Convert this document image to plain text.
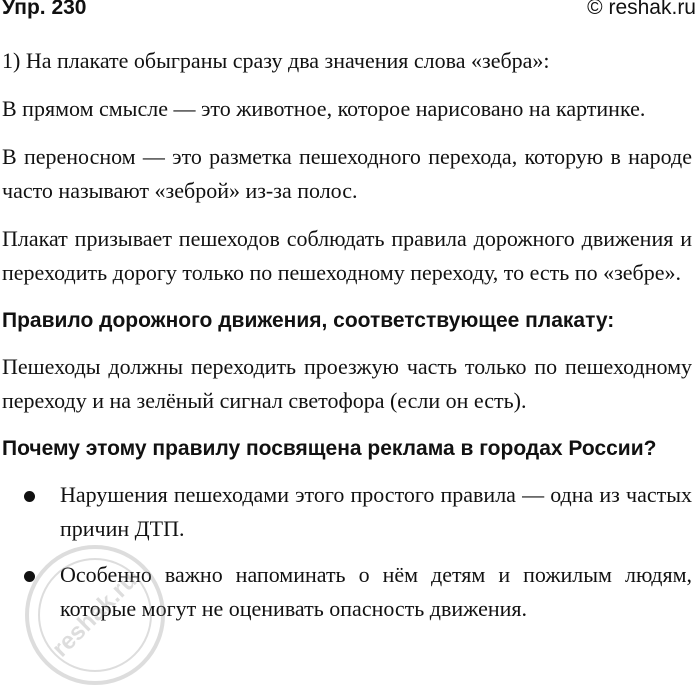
Упр. 230	© reshak.ru

1) На плакате обыграны сразу два значения слова «зебра»:

В прямом смысле — это животное, которое нарисовано на картинке.

В переносном — это разметка пешеходного перехода, которую в народе часто называют «зеброй» из-за полос.

Плакат призывает пешеходов соблюдать правила дорожного движения и переходить дорогу только по пешеходному переходу, то есть по «зебре».

Правило дорожного движения, соответствующее плакату:

Пешеходы должны переходить проезжую часть только по пешеходному переходу и на зелёный сигнал светофора (если он есть).

Почему этому правилу посвящена реклама в городах России?
Нарушения пешеходами этого простого правила — одна из частых причин ДТП.
Особенно важно напоминать о нём детям и пожилым людям, которые могут не оценивать опасность движения.
reshak.ru
